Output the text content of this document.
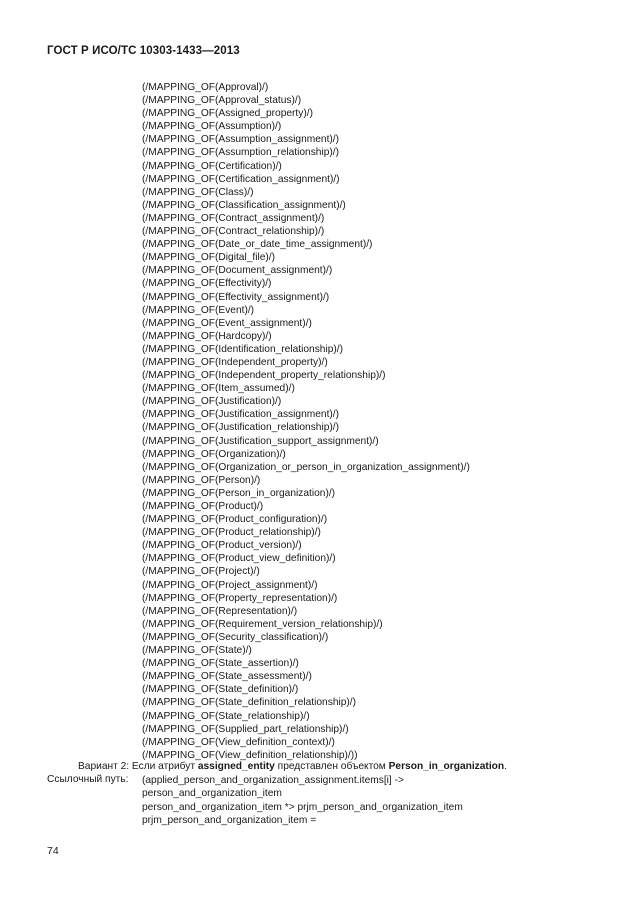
ГОСТ Р ИСО/ТС 10303-1433—2013
(/MAPPING_OF(Approval)/)
(/MAPPING_OF(Approval_status)/)
(/MAPPING_OF(Assigned_property)/)
(/MAPPING_OF(Assumption)/)
(/MAPPING_OF(Assumption_assignment)/)
(/MAPPING_OF(Assumption_relationship)/)
(/MAPPING_OF(Certification)/)
(/MAPPING_OF(Certification_assignment)/)
(/MAPPING_OF(Class)/)
(/MAPPING_OF(Classification_assignment)/)
(/MAPPING_OF(Contract_assignment)/)
(/MAPPING_OF(Contract_relationship)/)
(/MAPPING_OF(Date_or_date_time_assignment)/)
(/MAPPING_OF(Digital_file)/)
(/MAPPING_OF(Document_assignment)/)
(/MAPPING_OF(Effectivity)/)
(/MAPPING_OF(Effectivity_assignment)/)
(/MAPPING_OF(Event)/)
(/MAPPING_OF(Event_assignment)/)
(/MAPPING_OF(Hardcopy)/)
(/MAPPING_OF(Identification_relationship)/)
(/MAPPING_OF(Independent_property)/)
(/MAPPING_OF(Independent_property_relationship)/)
(/MAPPING_OF(Item_assumed)/)
(/MAPPING_OF(Justification)/)
(/MAPPING_OF(Justification_assignment)/)
(/MAPPING_OF(Justification_relationship)/)
(/MAPPING_OF(Justification_support_assignment)/)
(/MAPPING_OF(Organization)/)
(/MAPPING_OF(Organization_or_person_in_organization_assignment)/)
(/MAPPING_OF(Person)/)
(/MAPPING_OF(Person_in_organization)/)
(/MAPPING_OF(Product)/)
(/MAPPING_OF(Product_configuration)/)
(/MAPPING_OF(Product_relationship)/)
(/MAPPING_OF(Product_version)/)
(/MAPPING_OF(Product_view_definition)/)
(/MAPPING_OF(Project)/)
(/MAPPING_OF(Project_assignment)/)
(/MAPPING_OF(Property_representation)/)
(/MAPPING_OF(Representation)/)
(/MAPPING_OF(Requirement_version_relationship)/)
(/MAPPING_OF(Security_classification)/)
(/MAPPING_OF(State)/)
(/MAPPING_OF(State_assertion)/)
(/MAPPING_OF(State_assessment)/)
(/MAPPING_OF(State_definition)/)
(/MAPPING_OF(State_definition_relationship)/)
(/MAPPING_OF(State_relationship)/)
(/MAPPING_OF(Supplied_part_relationship)/)
(/MAPPING_OF(View_definition_context)/)
(/MAPPING_OF(View_definition_relationship)/))
Вариант 2: Если атрибут assigned_entity представлен объектом Person_in_organization.
Ссылочный путь: (applied_person_and_organization_assignment.items[i] ->
person_and_organization_item
person_and_organization_item *> prjm_person_and_organization_item
prjm_person_and_organization_item =
74
